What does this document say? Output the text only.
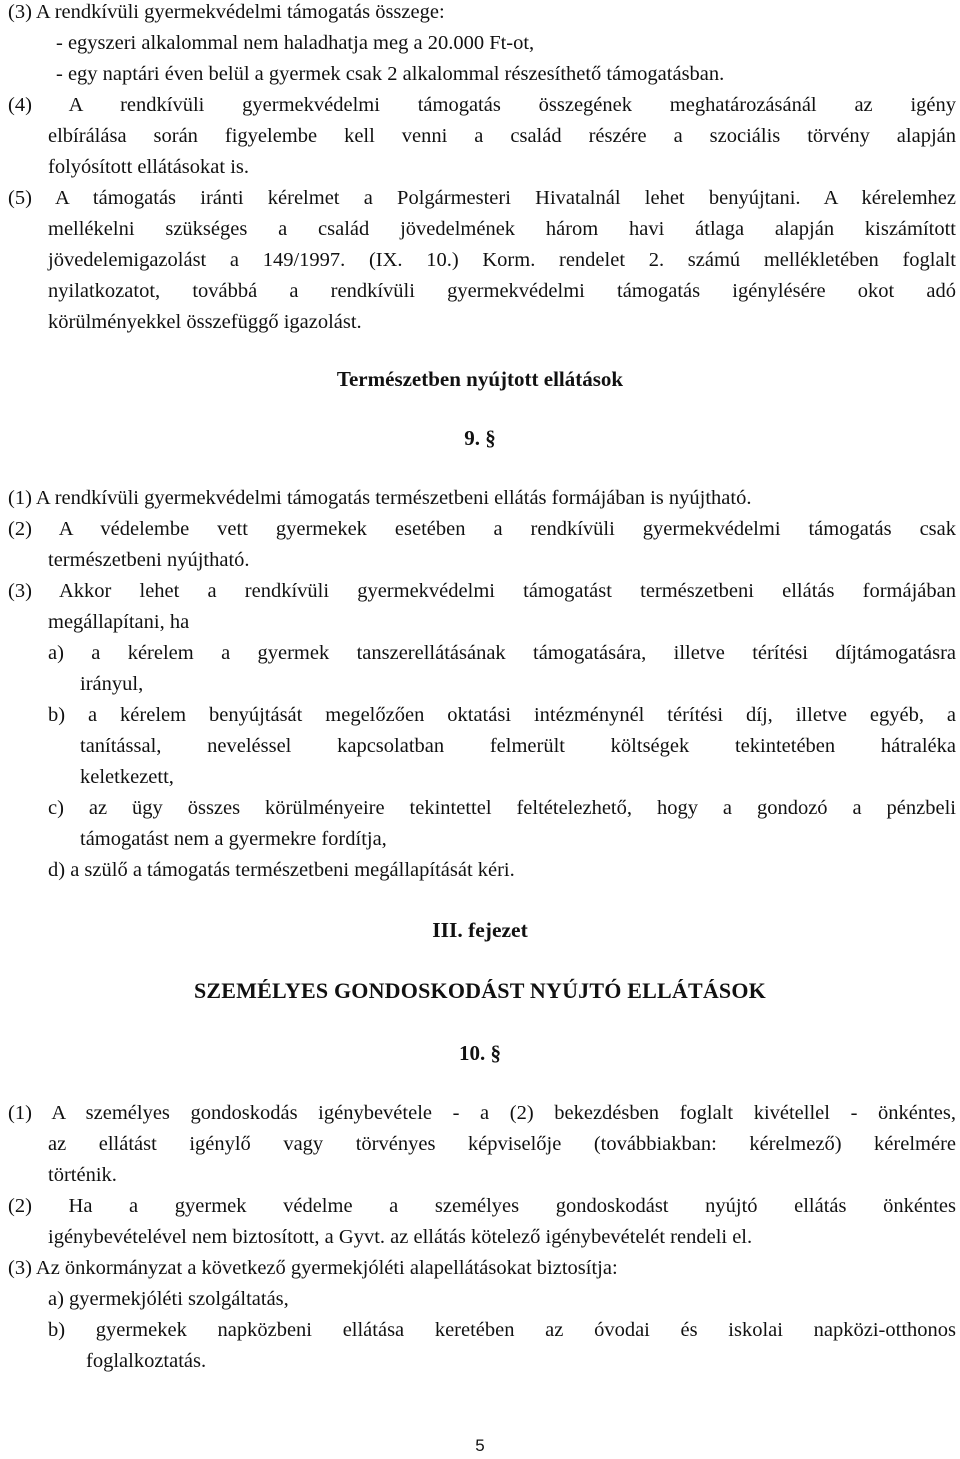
(3) A rendkívüli gyermekvédelmi támogatás összege:
- egyszeri alkalommal nem haladhatja meg a 20.000 Ft-ot,
- egy naptári éven belül a gyermek csak 2 alkalommal részesíthető támogatásban.
(4) A rendkívüli gyermekvédelmi támogatás összegének meghatározásánál az igény
elbírálása során figyelembe kell venni a család részére a szociális törvény alapján
folyósított ellátásokat is.
(5) A támogatás iránti kérelmet a Polgármesteri Hivatalnál lehet benyújtani. A kérelemhez
mellékelni szükséges a család jövedelmének három havi átlaga alapján kiszámított
jövedelemigazolást a 149/1997. (IX. 10.) Korm. rendelet 2. számú mellékletében foglalt
nyilatkozatot, továbbá a rendkívüli gyermekvédelmi támogatás igénylésére okot adó
körülményekkel összefüggő igazolást.
Természetben nyújtott ellátások
9. §
(1) A rendkívüli gyermekvédelmi támogatás természetbeni ellátás formájában is nyújtható.
(2) A védelembe vett gyermekek esetében a rendkívüli gyermekvédelmi támogatás csak
természetbeni nyújtható.
(3) Akkor lehet a rendkívüli gyermekvédelmi támogatást természetbeni ellátás formájában
megállapítani, ha
a) a kérelem a gyermek tanszerellátásának támogatására, illetve térítési díjtámogatásra
irányul,
b) a kérelem benyújtását megelőzően oktatási intézménynél térítési díj, illetve egyéb, a
tanítással, neveléssel kapcsolatban felmerült költségek tekintetében hátraléka
keletkezett,
c) az ügy összes körülményeire tekintettel feltételezhető, hogy a gondozó a pénzbeli
támogatást nem a gyermekre fordítja,
d) a szülő a támogatás természetbeni megállapítását kéri.
III. fejezet
SZEMÉLYES GONDOSKODÁST NYÚJTÓ ELLÁTÁSOK
10. §
(1) A személyes gondoskodás igénybevétele - a (2) bekezdésben foglalt kivétellel - önkéntes,
az ellátást igénylő vagy törvényes képviselője (továbbiakban: kérelmező) kérelmére
történik.
(2) Ha a gyermek védelme a személyes gondoskodást nyújtó ellátás önkéntes
igénybevételével nem biztosított, a Gyvt. az ellátás kötelező igénybevételét rendeli el.
(3) Az önkormányzat a következő gyermekjóléti alapellátásokat biztosítja:
a) gyermekjóléti szolgáltatás,
b) gyermekek napközbeni ellátása keretében az óvodai és iskolai napközi-otthonos
foglalkoztatás.
5
